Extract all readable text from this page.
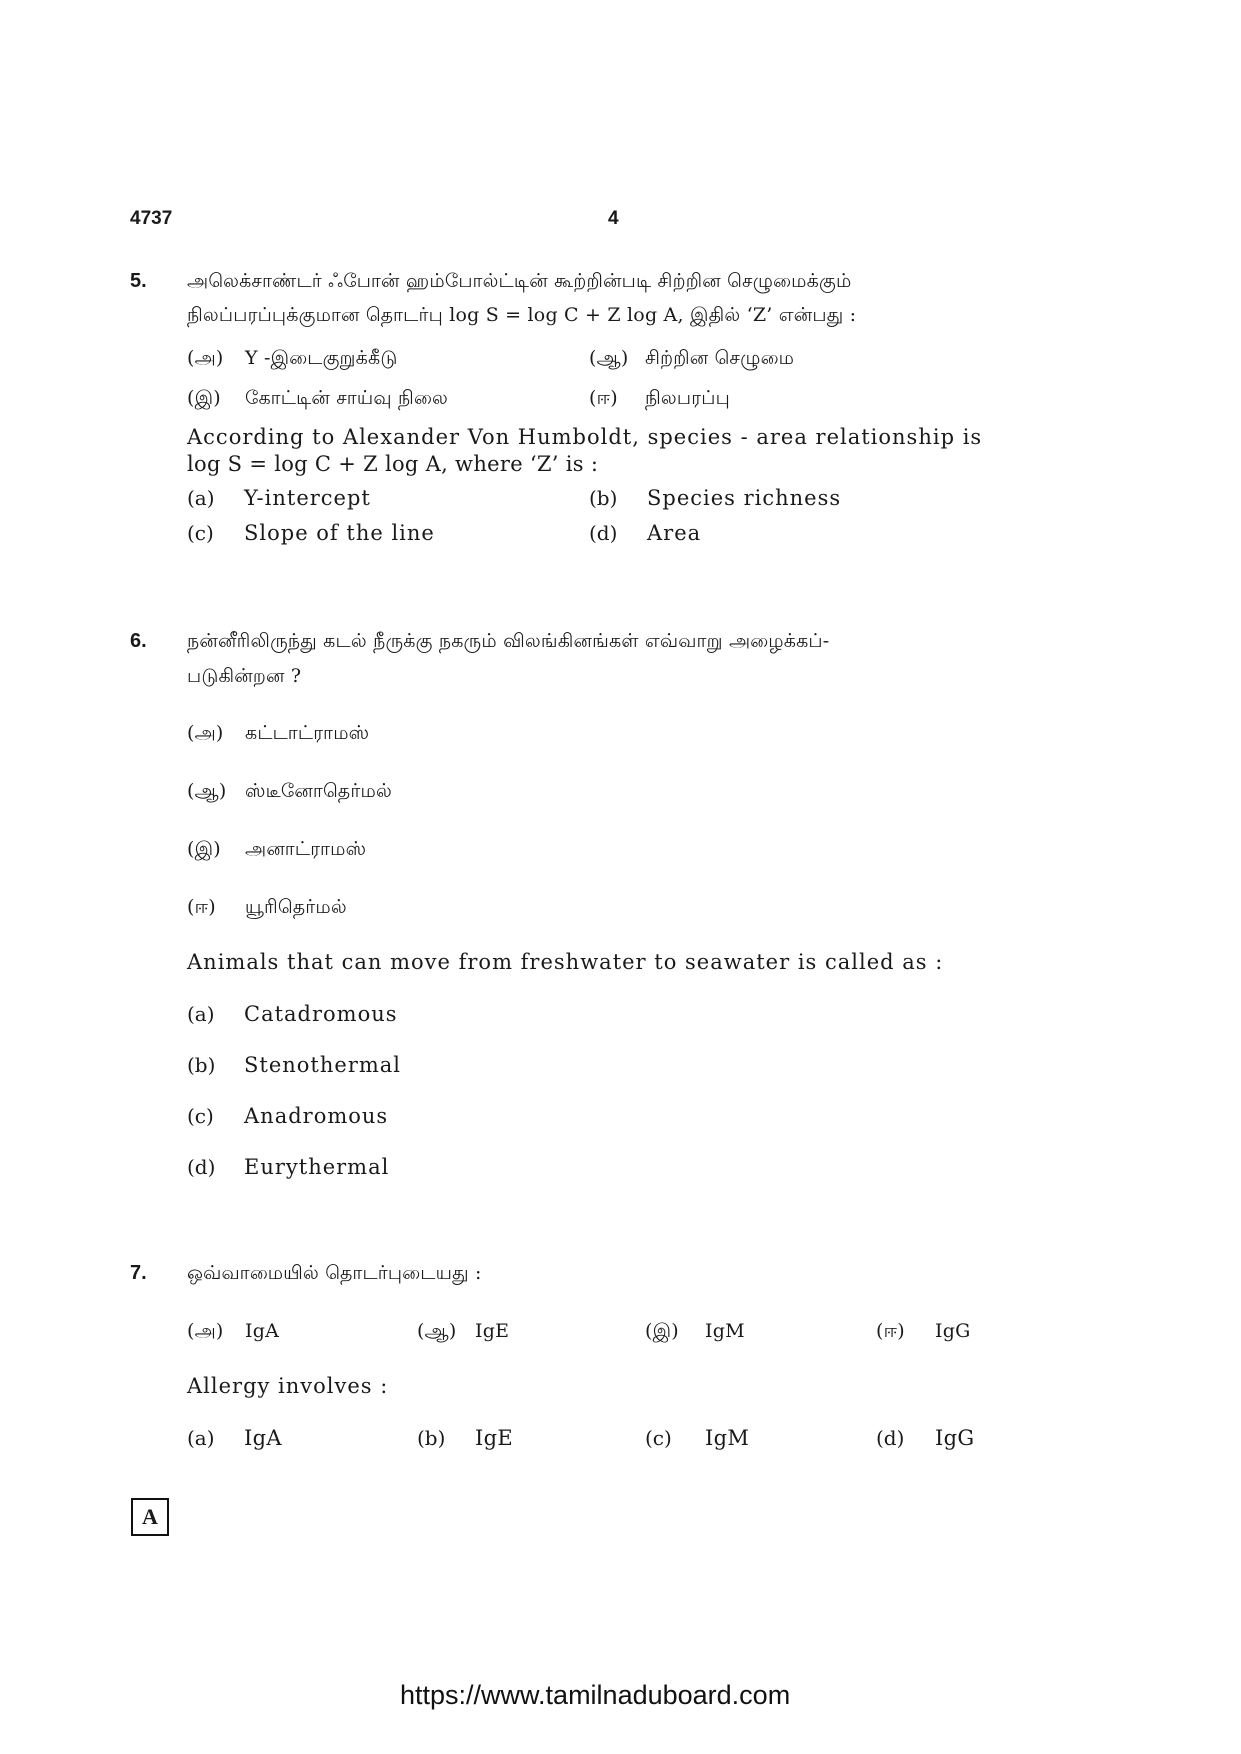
4737	4
5. அலெக்சாண்டர் ஃபோன் ஹம்போல்ட்டின் கூற்றின்படி சிற்றின செழுமைக்கும்
நிலப்பரப்புக்குமான தொடர்பு log S = log C + Z log A, இதில் ‘Z’ என்பது :
(அ) Y -இடைகுறுக்கீடு	(ஆ) சிற்றின செழுமை
(இ) கோட்டின் சாய்வு நிலை	(ஈ) நிலபரப்பு
According to Alexander Von Humboldt, species - area relationship is
log S = log C + Z log A, where ‘Z’ is :
(a) Y-intercept	(b) Species richness
(c) Slope of the line	(d) Area
6. நன்னீரிலிருந்து கடல் நீருக்கு நகரும் விலங்கினங்கள் எவ்வாறு அழைக்கப்-
படுகின்றன ?
(அ) கட்டாட்ராமஸ்
(ஆ) ஸ்டீனோதெர்மல்
(இ) அனாட்ராமஸ்
(ஈ) யூரிதெர்மல்
Animals that can move from freshwater to seawater is called as :
(a) Catadromous
(b) Stenothermal
(c) Anadromous
(d) Eurythermal
7. ஒவ்வாமையில் தொடர்புடையது :
(அ) IgA	(ஆ) IgE	(இ) IgM	(ஈ) IgG
Allergy involves :
(a) IgA	(b) IgE	(c) IgM	(d) IgG
A
https://www.tamilnaduboard.com
